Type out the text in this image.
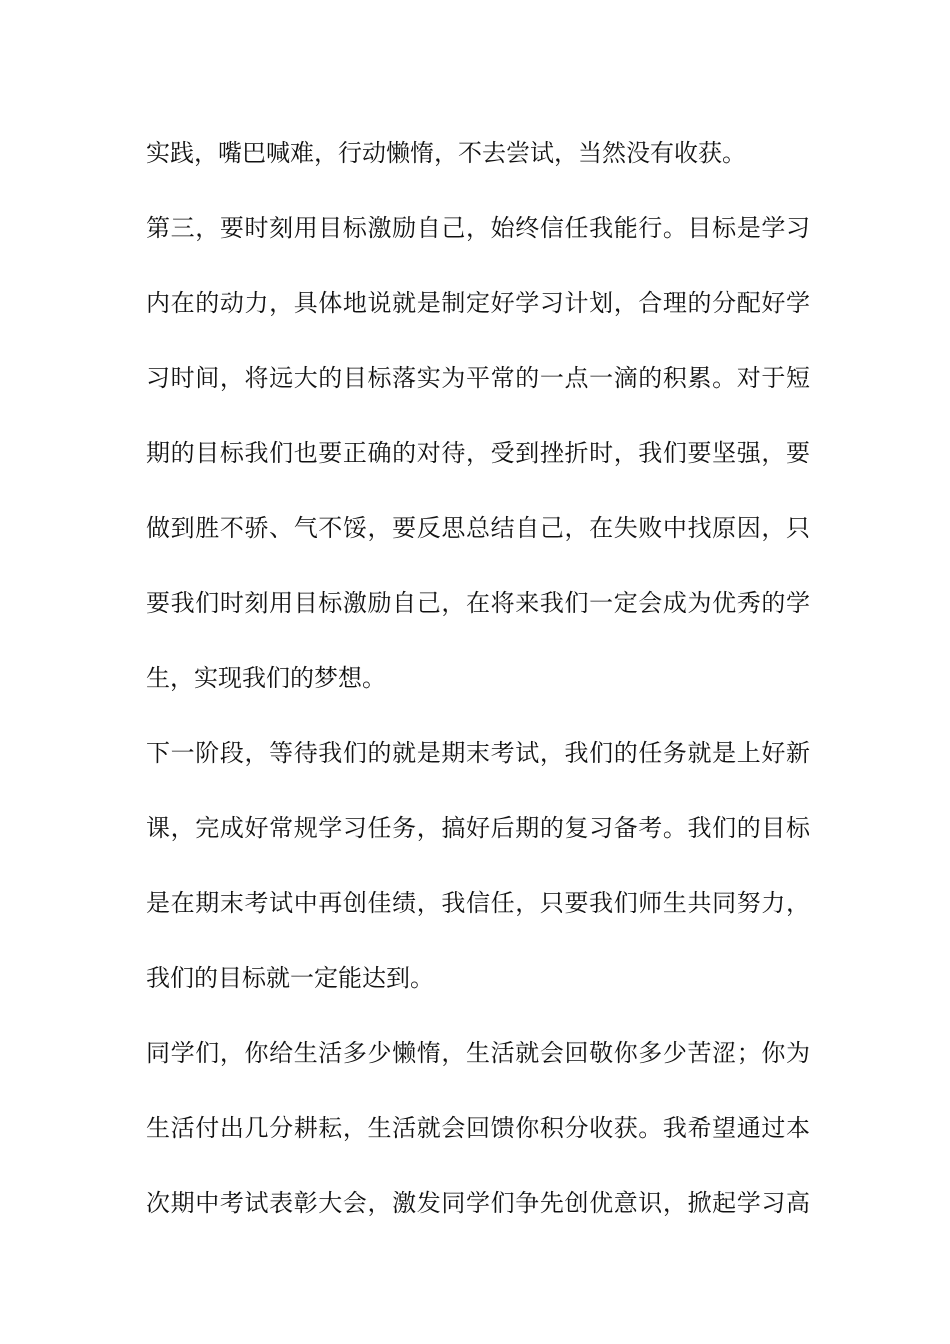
实践，嘴巴喊难，行动懒惰，不去尝试，当然没有收获。
第三，要时刻用目标激励自己，始终信任我能行。目标是学习
内在的动力，具体地说就是制定好学习计划，合理的分配好学
习时间，将远大的目标落实为平常的一点一滴的积累。对于短
期的目标我们也要正确的对待，受到挫折时，我们要坚强，要
做到胜不骄、气不馁，要反思总结自己，在失败中找原因，只
要我们时刻用目标激励自己，在将来我们一定会成为优秀的学
生，实现我们的梦想。
下一阶段，等待我们的就是期末考试，我们的任务就是上好新
课，完成好常规学习任务，搞好后期的复习备考。我们的目标
是在期末考试中再创佳绩，我信任，只要我们师生共同努力，
我们的目标就一定能达到。
同学们，你给生活多少懒惰，生活就会回敬你多少苦涩；你为
生活付出几分耕耘，生活就会回馈你积分收获。我希望通过本
次期中考试表彰大会，激发同学们争先创优意识，掀起学习高
